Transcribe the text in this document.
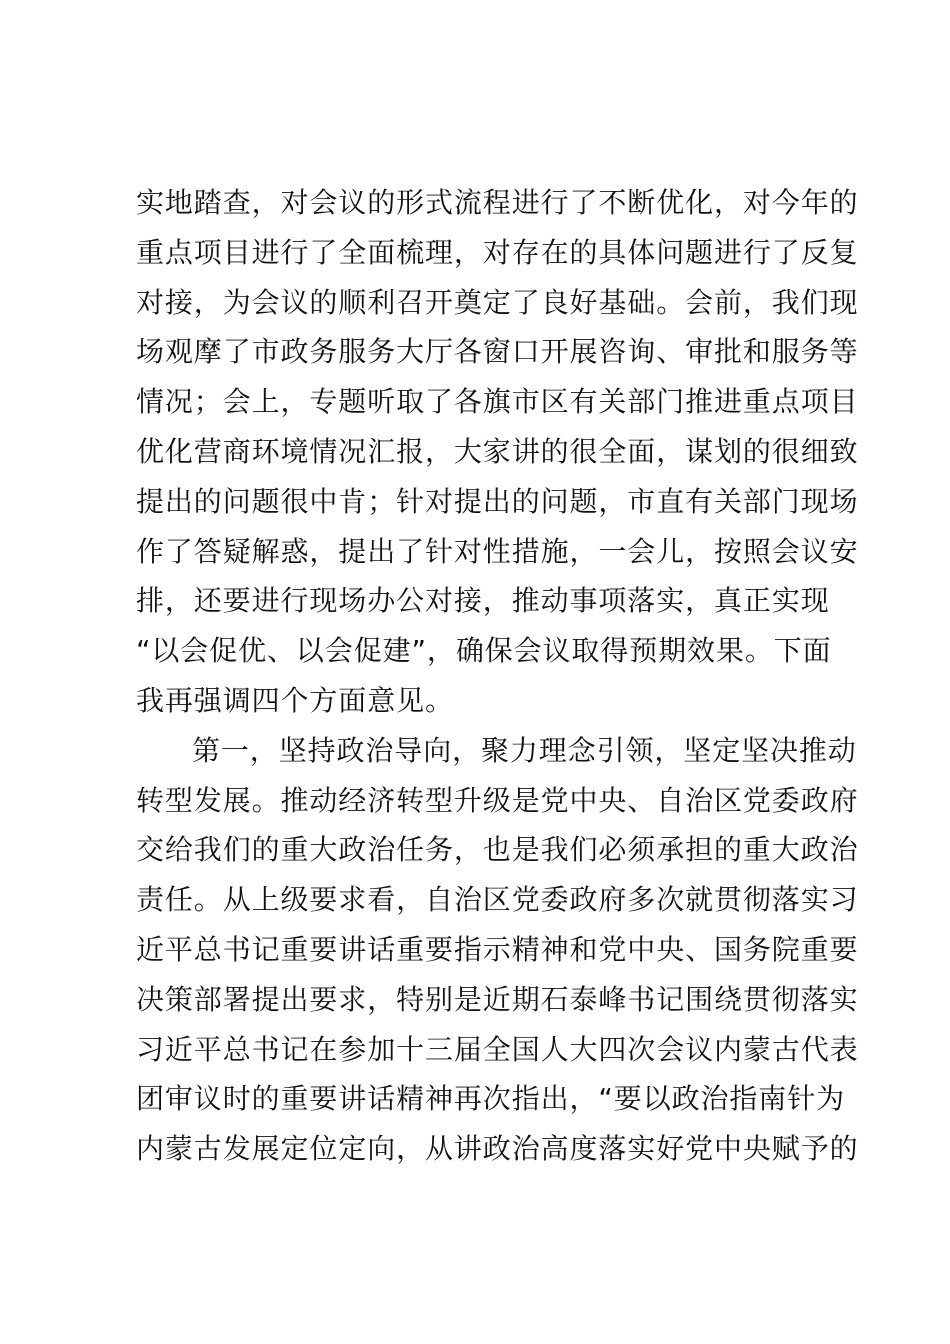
实地踏查，对会议的形式流程进行了不断优化，对今年的
重点项目进行了全面梳理，对存在的具体问题进行了反复
对接，为会议的顺利召开奠定了良好基础。会前，我们现
场观摩了市政务服务大厅各窗口开展咨询、审批和服务等
情况；会上，专题听取了各旗市区有关部门推进重点项目
优化营商环境情况汇报，大家讲的很全面，谋划的很细致
提出的问题很中肯；针对提出的问题，市直有关部门现场
作了答疑解惑，提出了针对性措施，一会儿，按照会议安
排，还要进行现场办公对接，推动事项落实，真正实现
“以会促优、以会促建”，确保会议取得预期效果。下面
我再强调四个方面意见。
第一，坚持政治导向，聚力理念引领，坚定坚决推动
转型发展。推动经济转型升级是党中央、自治区党委政府
交给我们的重大政治任务，也是我们必须承担的重大政治
责任。从上级要求看，自治区党委政府多次就贯彻落实习
近平总书记重要讲话重要指示精神和党中央、国务院重要
决策部署提出要求，特别是近期石泰峰书记围绕贯彻落实
习近平总书记在参加十三届全国人大四次会议内蒙古代表
团审议时的重要讲话精神再次指出，“要以政治指南针为
内蒙古发展定位定向，从讲政治高度落实好党中央赋予的
